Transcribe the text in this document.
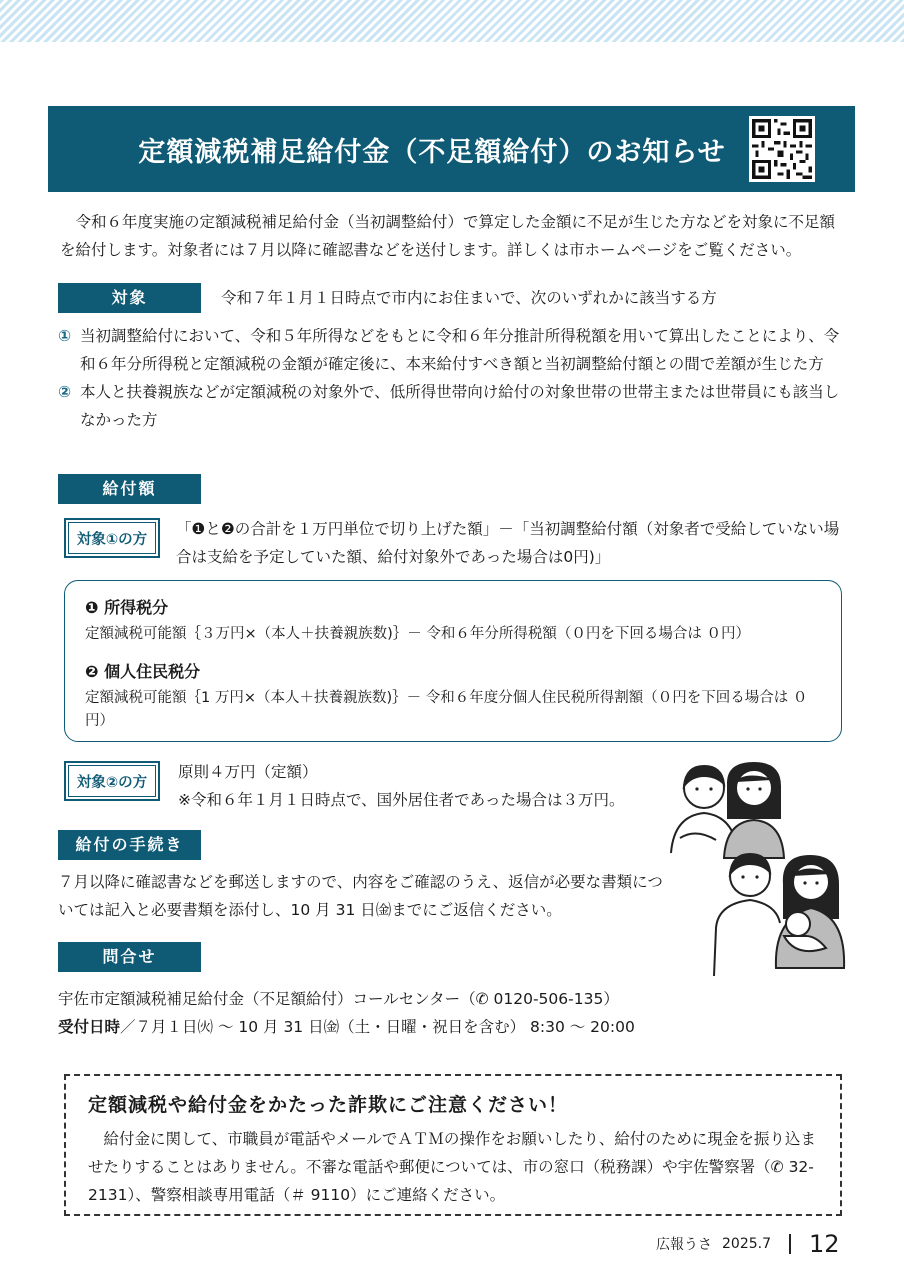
定額減税補足給付金（不足額給付）のお知らせ
　令和６年度実施の定額減税補足給付金（当初調整給付）で算定した金額に不足が生じた方などを対象に不足額を給付します。対象者には７月以降に確認書などを送付します。詳しくは市ホームページをご覧ください。
対象	令和７年１月１日時点で市内にお住まいで、次のいずれかに該当する方
① 当初調整給付において、令和５年所得などをもとに令和６年分推計所得税額を用いて算出したことにより、令和６年分所得税と定額減税の金額が確定後に、本来給付すべき額と当初調整給付額との間で差額が生じた方
② 本人と扶養親族などが定額減税の対象外で、低所得世帯向け給付の対象世帯の世帯主または世帯員にも該当しなかった方
給付額
対象①の方
「❶と❷の合計を１万円単位で切り上げた額」－「当初調整給付額（対象者で受給していない場合は支給を予定していた額、給付対象外であった場合は0円)」
❶ 所得税分
定額減税可能額｛３万円×（本人＋扶養親族数)｝－ 令和６年分所得税額（０円を下回る場合は ０円）
❷ 個人住民税分
定額減税可能額｛1 万円×（本人＋扶養親族数)｝－ 令和６年度分個人住民税所得割額（０円を下回る場合は ０円）
対象②の方
原則４万円（定額）
※令和６年１月１日時点で、国外居住者であった場合は３万円。
給付の手続き
７月以降に確認書などを郵送しますので、内容をご確認のうえ、返信が必要な書類については記入と必要書類を添付し、10 月 31 日㈮までにご返信ください。
問合せ
宇佐市定額減税補足給付金（不足額給付）コールセンター（✆ 0120-506-135）
受付日時／７月１日㈫ ～ 10 月 31 日㈮（土・日曜・祝日を含む） 8:30 ～ 20:00
定額減税や給付金をかたった詐欺にご注意ください！
　給付金に関して、市職員が電話やメールでＡＴＭの操作をお願いしたり、給付のために現金を振り込ませたりすることはありません。不審な電話や郵便については、市の窓口（税務課）や宇佐警察署（✆ 32-2131）、警察相談専用電話（＃ 9110）にご連絡ください。
広報うさ 2025.7 12
